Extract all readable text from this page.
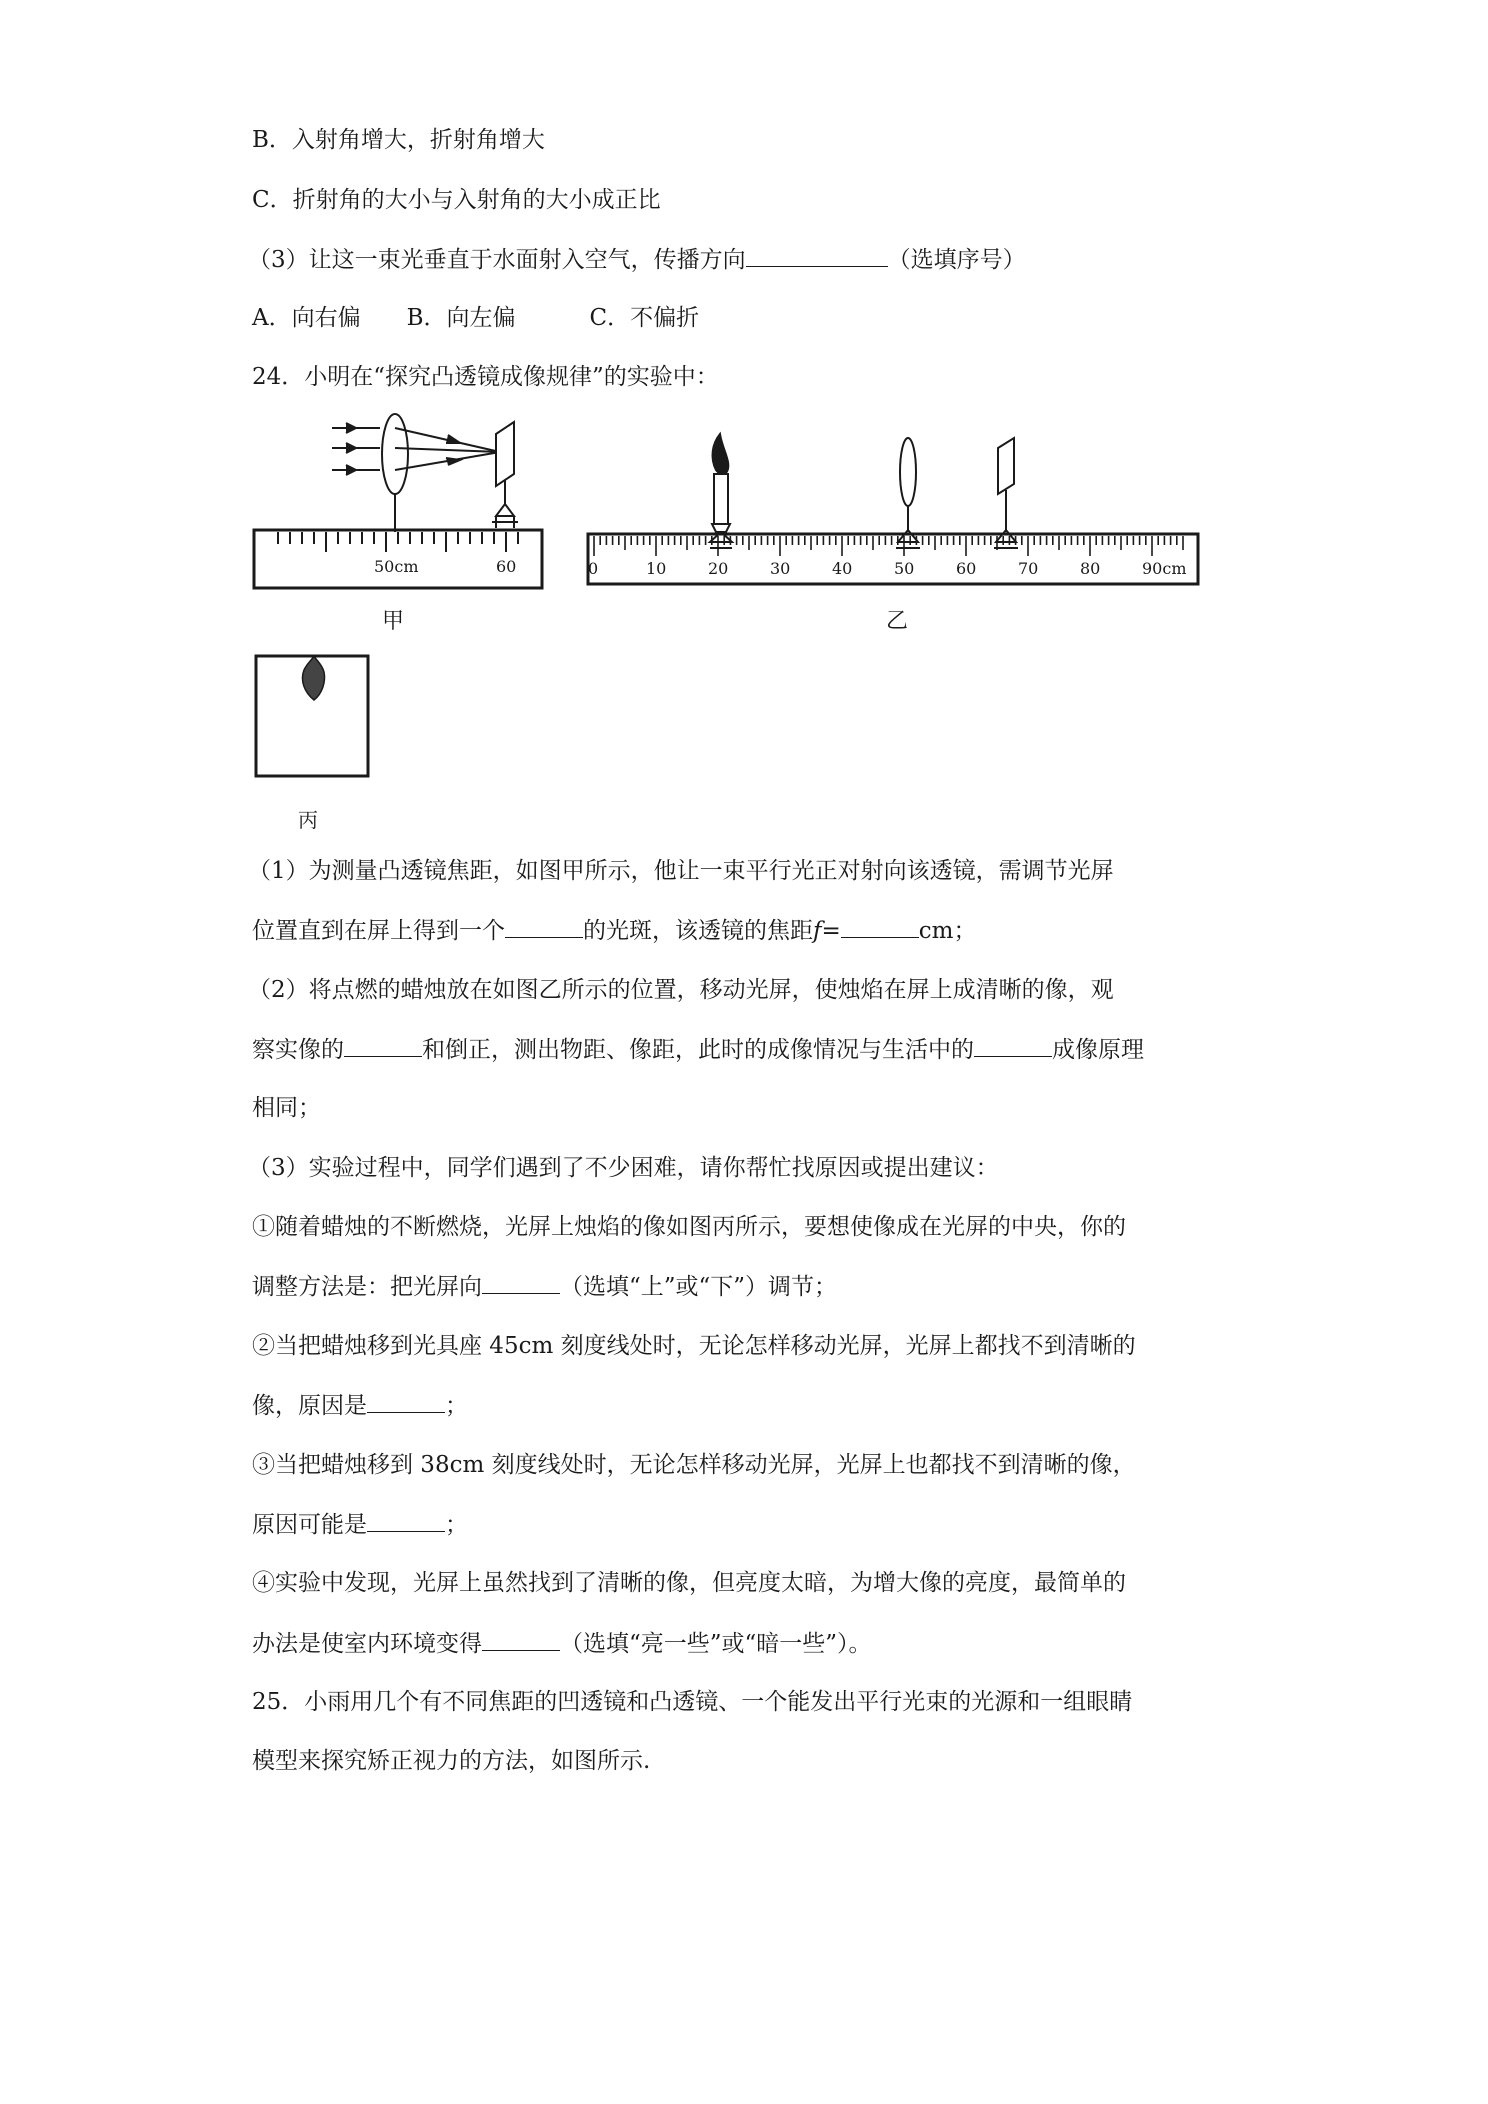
B．入射角增大，折射角增大
C．折射角的大小与入射角的大小成正比
（3）让这一束光垂直于水面射入空气，传播方向	（选填序号）
A．向右偏 B．向左偏	C．不偏折
24．小明在“探究凸透镜成像规律”的实验中：
50cm	60
甲
0	10	20	30	40	50	60	70	80	90cm
乙
丙
（1）为测量凸透镜焦距，如图甲所示，他让一束平行光正对射向该透镜，需调节光屏
位置直到在屏上得到一个	的光斑，该透镜的焦距f=	cm；
（2）将点燃的蜡烛放在如图乙所示的位置，移动光屏，使烛焰在屏上成清晰的像，观
察实像的	和倒正，测出物距、像距，此时的成像情况与生活中的	成像原理
相同；
（3）实验过程中，同学们遇到了不少困难，请你帮忙找原因或提出建议：
①随着蜡烛的不断燃烧，光屏上烛焰的像如图丙所示，要想使像成在光屏的中央，你的
调整方法是：把光屏向	（选填“上”或“下”）调节；
②当把蜡烛移到光具座 45cm 刻度线处时，无论怎样移动光屏，光屏上都找不到清晰的
像，原因是	；
③当把蜡烛移到 38cm 刻度线处时，无论怎样移动光屏，光屏上也都找不到清晰的像，
原因可能是	；
④实验中发现，光屏上虽然找到了清晰的像，但亮度太暗，为增大像的亮度，最简单的
办法是使室内环境变得	（选填“亮一些”或“暗一些”）。
25．小雨用几个有不同焦距的凹透镜和凸透镜、一个能发出平行光束的光源和一组眼睛
模型来探究矫正视力的方法，如图所示.
